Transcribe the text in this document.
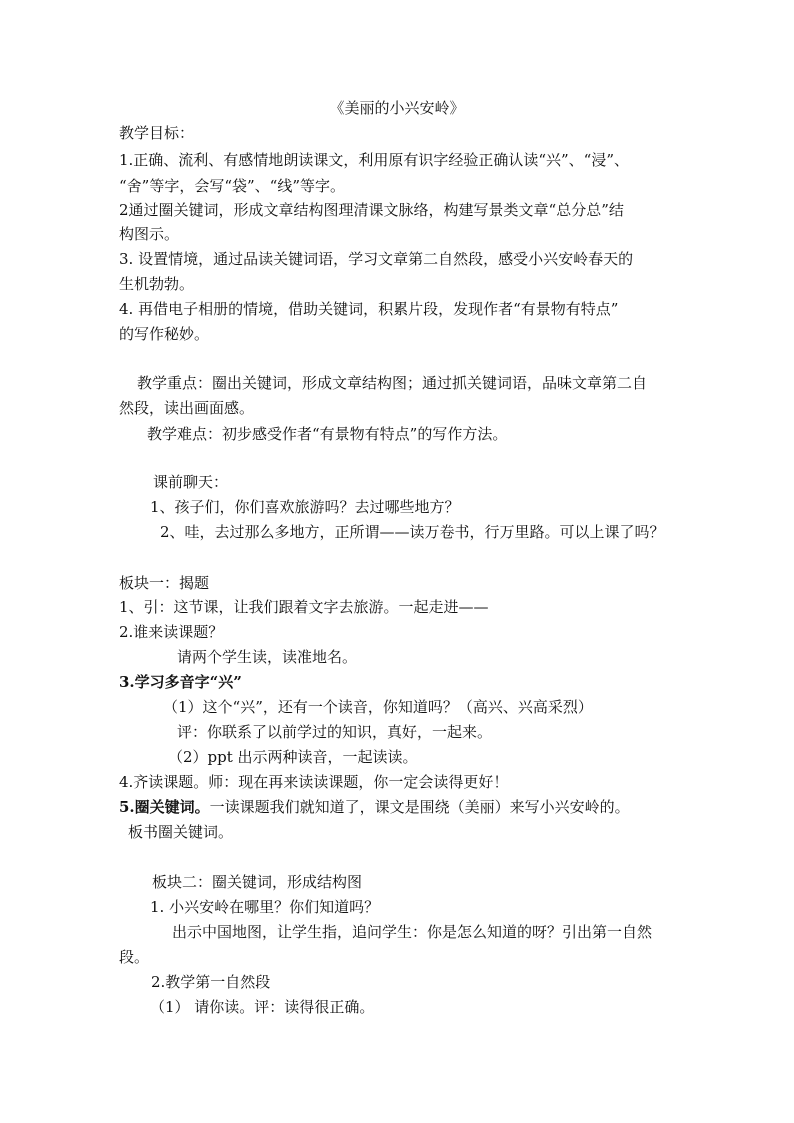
《美丽的小兴安岭》
教学目标：
1.正确、流利、有感情地朗读课文，利用原有识字经验正确认读“兴”、“浸”、
“舍”等字，会写“袋”、“线”等字。
2通过圈关键词，形成文章结构图理清课文脉络，构建写景类文章“总分总”结
构图示。
3. 设置情境，通过品读关键词语，学习文章第二自然段，感受小兴安岭春天的
生机勃勃。
4. 再借电子相册的情境，借助关键词，积累片段，发现作者“有景物有特点”
的写作秘妙。
教学重点：圈出关键词，形成文章结构图；通过抓关键词语，品味文章第二自
然段，读出画面感。
教学难点：初步感受作者“有景物有特点”的写作方法。
课前聊天：
1、孩子们，你们喜欢旅游吗？去过哪些地方？
2、哇，去过那么多地方，正所谓——读万卷书，行万里路。可以上课了吗？
板块一：揭题
1、引：这节课，让我们跟着文字去旅游。一起走进——
2.谁来读课题？
请两个学生读，读准地名。
3.学习多音字“兴”
（1）这个“兴”，还有一个读音，你知道吗？（高兴、兴高采烈）
评：你联系了以前学过的知识，真好，一起来。
（2）ppt 出示两种读音，一起读读。
4.齐读课题。师：现在再来读读课题，你一定会读得更好！
5.圈关键词。一读课题我们就知道了，课文是围绕（美丽）来写小兴安岭的。
板书圈关键词。
板块二：圈关键词，形成结构图
1. 小兴安岭在哪里？你们知道吗？
出示中国地图，让学生指，追问学生：你是怎么知道的呀？引出第一自然
段。
2.教学第一自然段
（1） 请你读。评：读得很正确。
